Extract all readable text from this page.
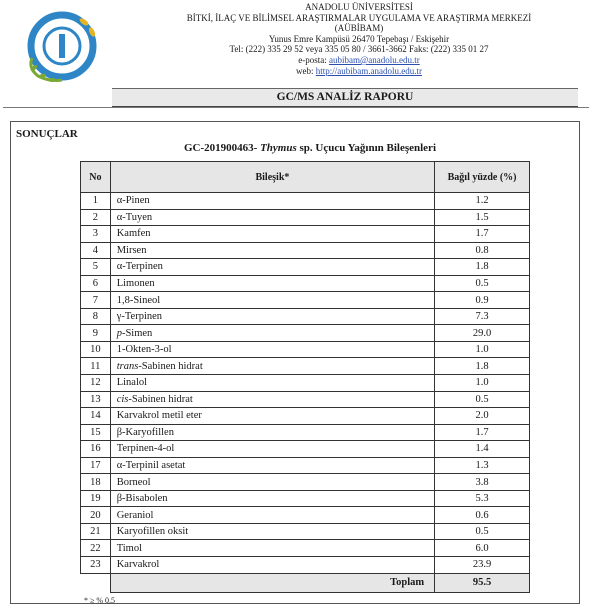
ANADOLU ÜNİVERSİTESİ
BİTKİ, İLAÇ VE BİLİMSEL ARAŞTIRMALAR UYGULAMA VE ARAŞTIRMA MERKEZİ
(AÜBİBAM)
Yunus Emre Kampüsü 26470 Tepebaşı / Eskişehir
Tel: (222) 335 29 52 veya 335 05 80 / 3661-3662 Faks: (222) 335 01 27
e-posta: aubibam@anadolu.edu.tr
web: http://aubibam.anadolu.edu.tr
GC/MS ANALİZ RAPORU
SONUÇLAR
GC-201900463- Thymus sp. Uçucu Yağının Bileşenleri
No	Bileşik*	Bağıl yüzde (%)
1	α-Pinen	1.2
2	α-Tuyen	1.5
3	Kamfen	1.7
4	Mirsen	0.8
5	α-Terpinen	1.8
6	Limonen	0.5
7	1,8-Sineol	0.9
8	γ-Terpinen	7.3
9	p-Simen	29.0
10	1-Okten-3-ol	1.0
11	trans-Sabinen hidrat	1.8
12	Linalol	1.0
13	cis-Sabinen hidrat	0.5
14	Karvakrol metil eter	2.0
15	β-Karyofillen	1.7
16	Terpinen-4-ol	1.4
17	α-Terpinil asetat	1.3
18	Borneol	3.8
19	β-Bisabolen	5.3
20	Geraniol	0.6
21	Karyofillen oksit	0.5
22	Timol	6.0
23	Karvakrol	23.9
	Toplam	95.5
* ≥ % 0.5
